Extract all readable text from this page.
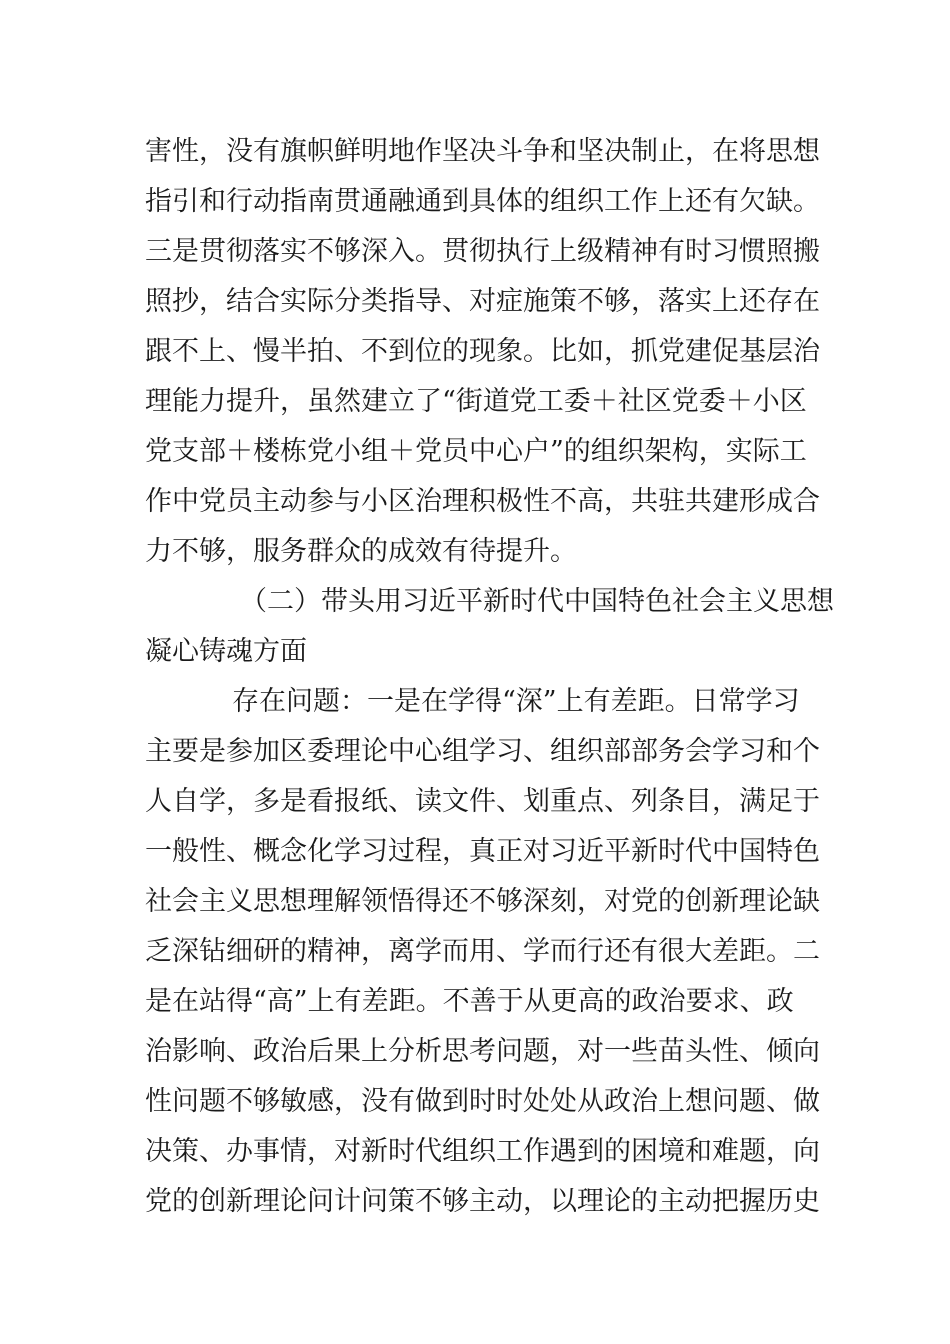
害性，没有旗帜鲜明地作坚决斗争和坚决制止，在将思想
指引和行动指南贯通融通到具体的组织工作上还有欠缺。
三是贯彻落实不够深入。贯彻执行上级精神有时习惯照搬
照抄，结合实际分类指导、对症施策不够，落实上还存在
跟不上、慢半拍、不到位的现象。比如，抓党建促基层治
理能力提升，虽然建立了“街道党工委＋社区党委＋小区
党支部＋楼栋党小组＋党员中心户”的组织架构，实际工
作中党员主动参与小区治理积极性不高，共驻共建形成合
力不够，服务群众的成效有待提升。
（二）带头用习近平新时代中国特色社会主义思想
凝心铸魂方面
存在问题：一是在学得“深”上有差距。日常学习
主要是参加区委理论中心组学习、组织部部务会学习和个
人自学，多是看报纸、读文件、划重点、列条目，满足于
一般性、概念化学习过程，真正对习近平新时代中国特色
社会主义思想理解领悟得还不够深刻，对党的创新理论缺
乏深钻细研的精神，离学而用、学而行还有很大差距。二
是在站得“高”上有差距。不善于从更高的政治要求、政
治影响、政治后果上分析思考问题，对一些苗头性、倾向
性问题不够敏感，没有做到时时处处从政治上想问题、做
决策、办事情，对新时代组织工作遇到的困境和难题，向
党的创新理论问计问策不够主动，以理论的主动把握历史
